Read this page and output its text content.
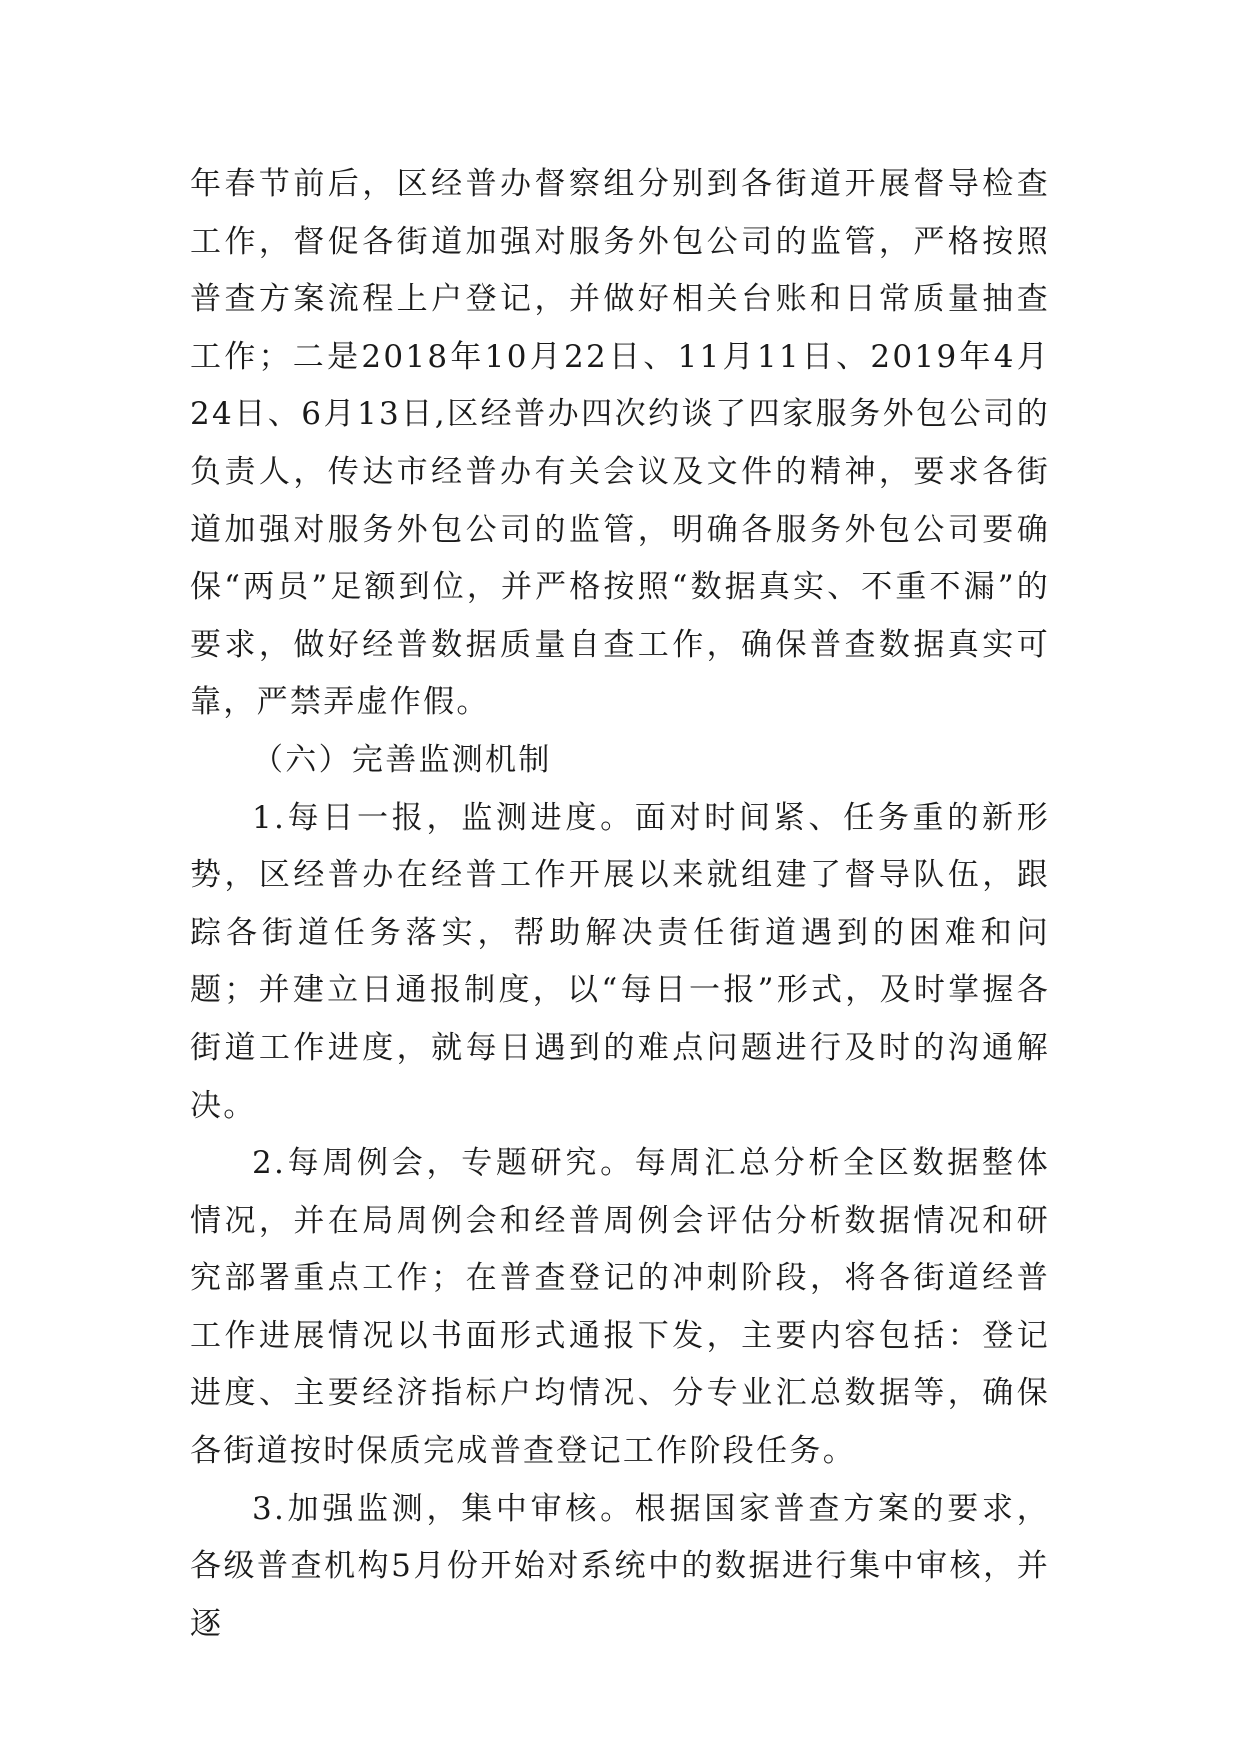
年春节前后，区经普办督察组分别到各街道开展督导检查工作，督促各街道加强对服务外包公司的监管，严格按照普查方案流程上户登记，并做好相关台账和日常质量抽查工作；二是2018年10月22日、11月11日、2019年4月24日、6月13日,区经普办四次约谈了四家服务外包公司的负责人，传达市经普办有关会议及文件的精神，要求各街道加强对服务外包公司的监管，明确各服务外包公司要确保“两员”足额到位，并严格按照“数据真实、不重不漏”的要求，做好经普数据质量自查工作，确保普查数据真实可靠，严禁弄虚作假。

（六）完善监测机制

1.每日一报，监测进度。面对时间紧、任务重的新形势，区经普办在经普工作开展以来就组建了督导队伍，跟踪各街道任务落实，帮助解决责任街道遇到的困难和问题；并建立日通报制度，以“每日一报”形式，及时掌握各街道工作进度，就每日遇到的难点问题进行及时的沟通解决。

2.每周例会，专题研究。每周汇总分析全区数据整体情况，并在局周例会和经普周例会评估分析数据情况和研究部署重点工作；在普查登记的冲刺阶段，将各街道经普工作进展情况以书面形式通报下发，主要内容包括：登记进度、主要经济指标户均情况、分专业汇总数据等，确保各街道按时保质完成普查登记工作阶段任务。

3.加强监测，集中审核。根据国家普查方案的要求，各级普查机构5月份开始对系统中的数据进行集中审核，并逐
